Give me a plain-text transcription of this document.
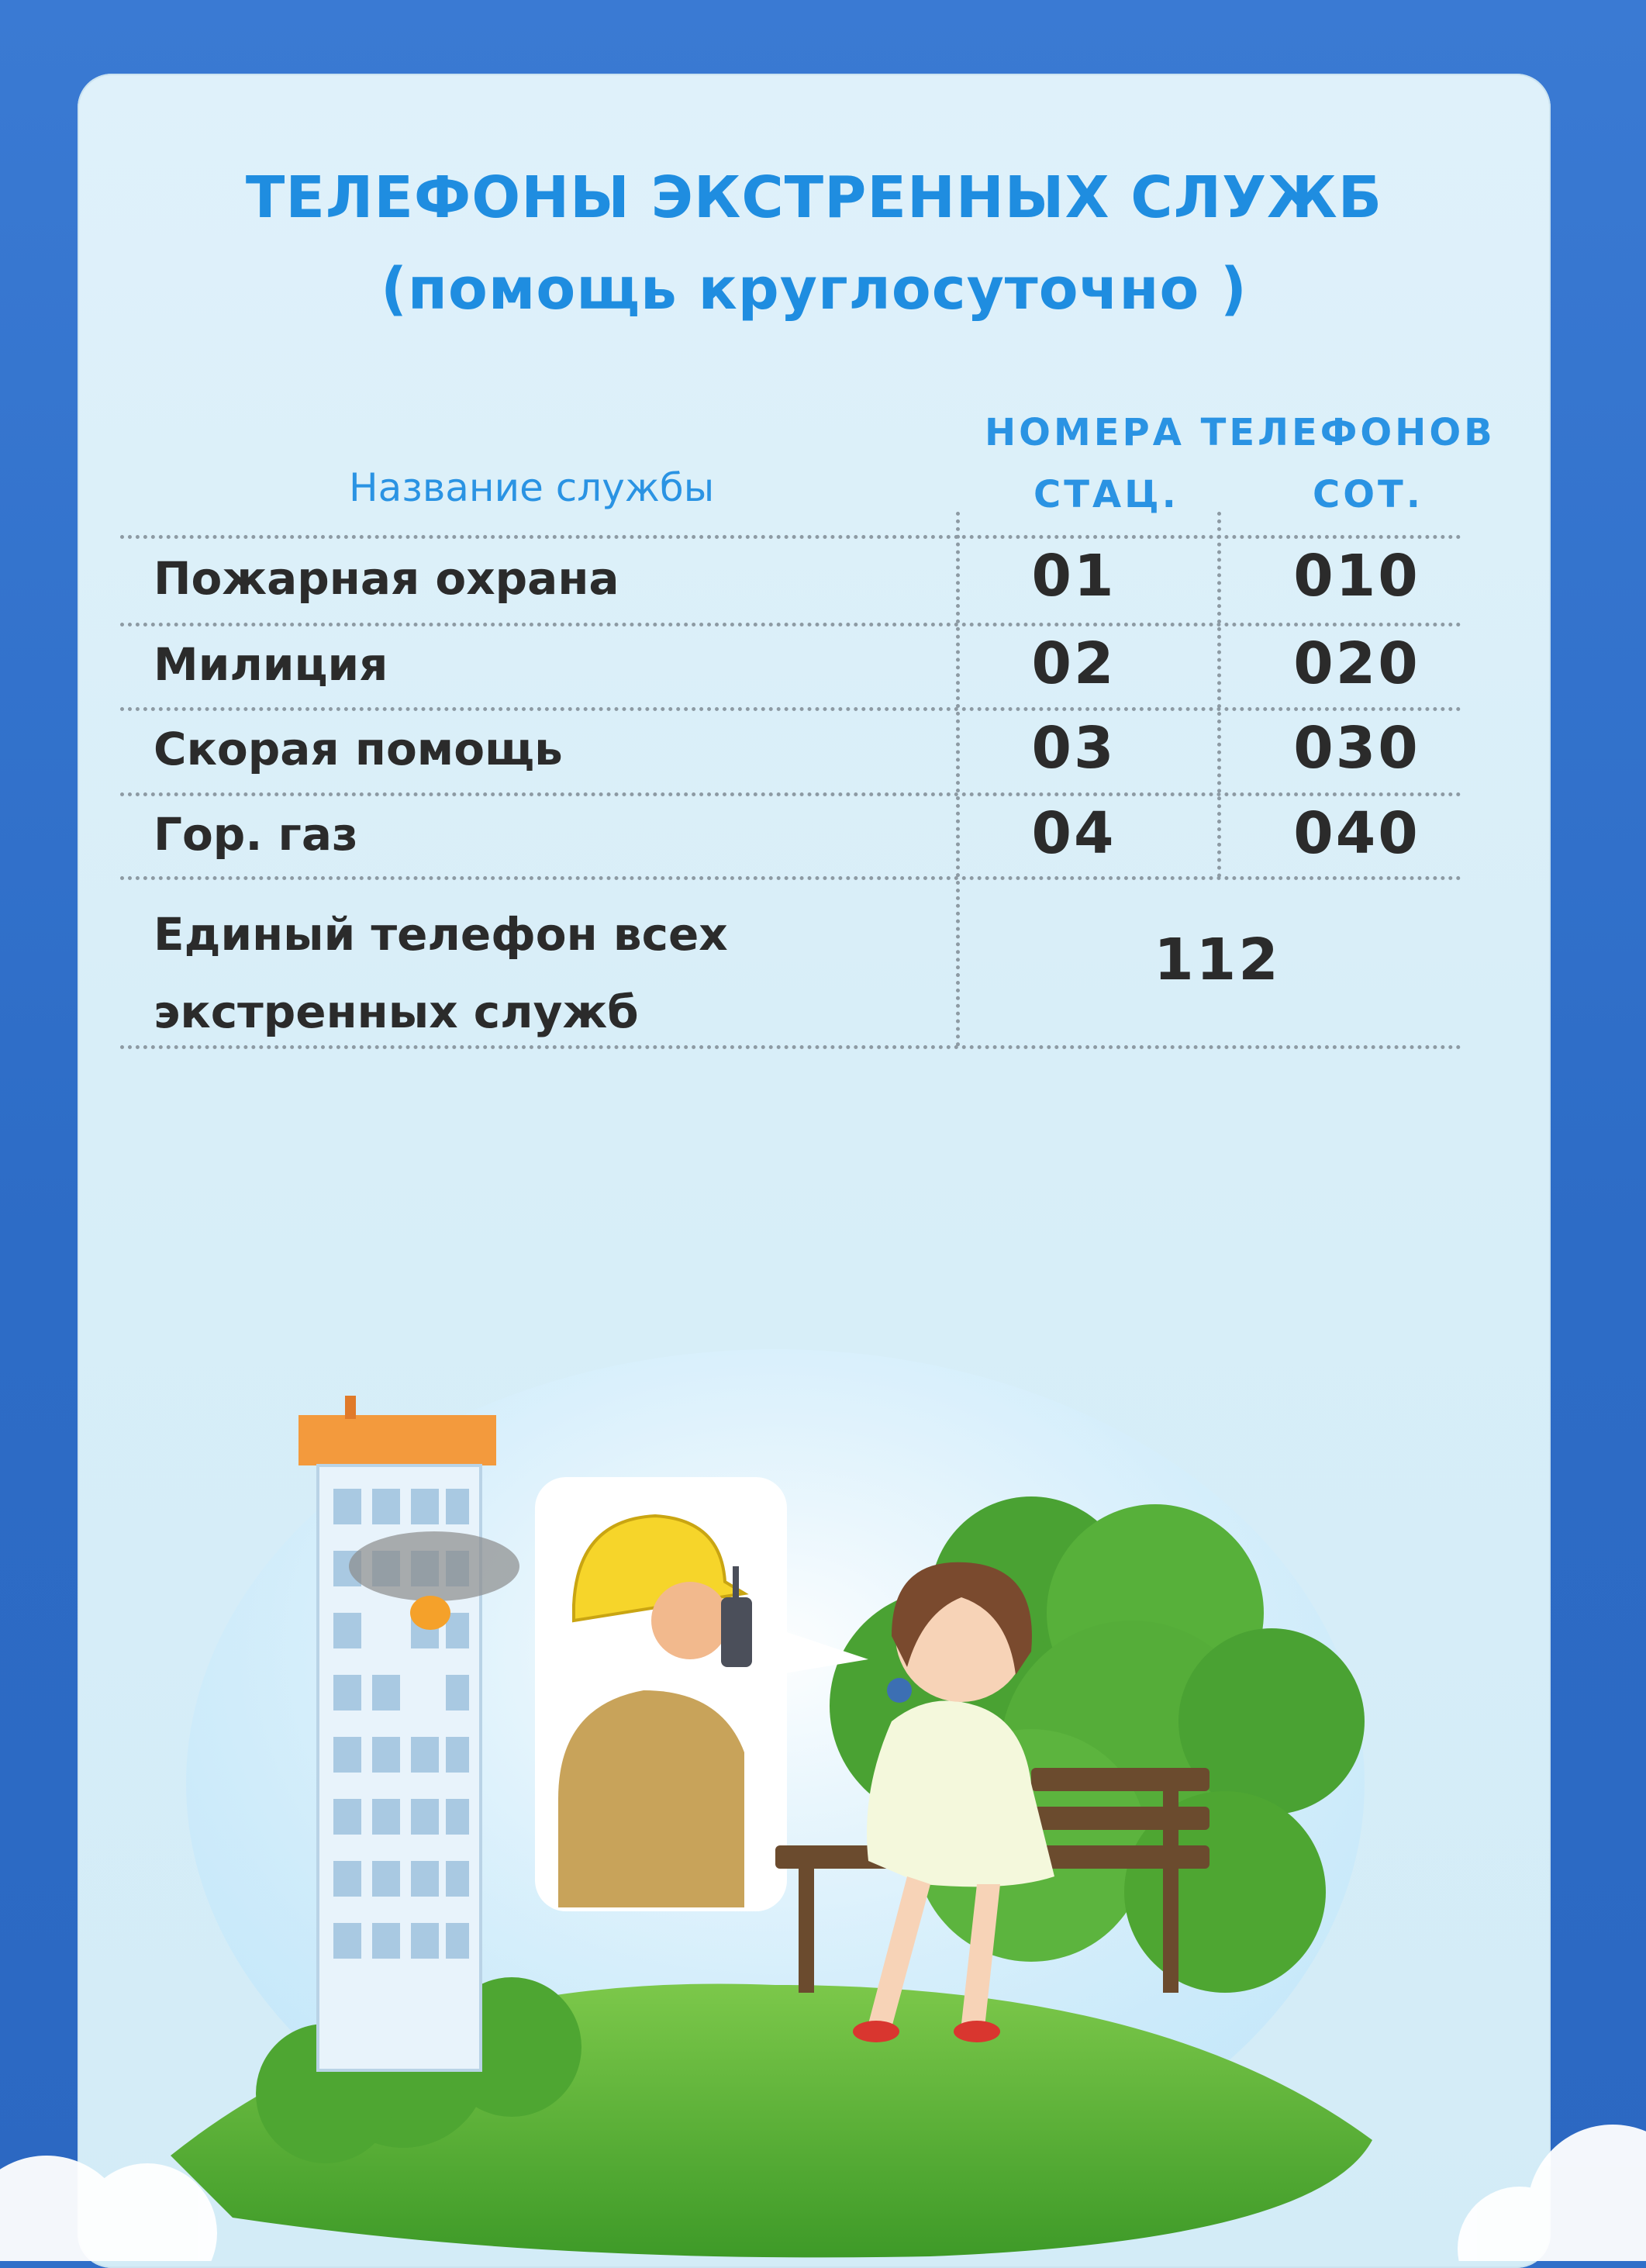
ТЕЛЕФОНЫ ЭКСТРЕННЫХ СЛУЖБ
(помощь круглосуточно )
НОМЕРА ТЕЛЕФОНОВ
Название службы	СТАЦ.	СОТ.
Пожарная охрана	01	010
Милиция	02	020
Скорая помощь	03	030
Гор. газ	04	040
Единый телефон всех
экстренных служб
112
